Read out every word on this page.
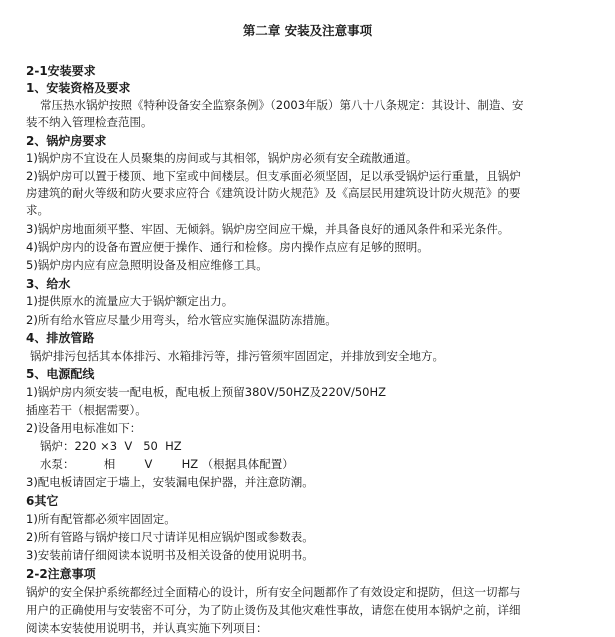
第二章 安装及注意事项
2-1安装要求
1、安装资格及要求
常压热水锅炉按照《特种设备安全监察条例》（2003年版）第八十八条规定：其设计、制造、安
装不纳入管理检查范围。
2、锅炉房要求
1)锅炉房不宜设在人员聚集的房间或与其相邻，锅炉房必须有安全疏散通道。
2)锅炉房可以置于楼顶、地下室或中间楼层。但支承面必须坚固，足以承受锅炉运行重量，且锅炉
房建筑的耐火等级和防火要求应符合《建筑设计防火规范》及《高层民用建筑设计防火规范》的要
求。
3)锅炉房地面须平整、牢固、无倾斜。锅炉房空间应干燥，并具备良好的通风条件和采光条件。
4)锅炉房内的设备布置应便于操作、通行和检修。房内操作点应有足够的照明。
5)锅炉房内应有应急照明设备及相应维修工具。
3、给水
1)提供原水的流量应大于锅炉额定出力。
2)所有给水管应尽量少用弯头，给水管应实施保温防冻措施。
4、排放管路
锅炉排污包括其本体排污、水箱排污等，排污管须牢固固定，并排放到安全地方。
5、电源配线
1)锅炉房内须安装一配电板，配电板上预留380V/50HZ及220V/50HZ
插座若干（根据需要）。
2)设备用电标准如下：
锅炉：220 ×3  V   50  HZ
水泵：        相        V        HZ （根据具体配置）
3)配电板请固定于墙上，安装漏电保护器，并注意防潮。
6其它
1)所有配管都必须牢固固定。
2)所有管路与锅炉接口尺寸请详见相应锅炉图或参数表。
3)安装前请仔细阅读本说明书及相关设备的使用说明书。
2-2注意事项
锅炉的安全保护系统都经过全面精心的设计，所有安全问题都作了有效设定和提防，但这一切都与
用户的正确使用与安装密不可分，为了防止烫伤及其他灾难性事故，请您在使用本锅炉之前，详细
阅读本安装使用说明书，并认真实施下列项目：
